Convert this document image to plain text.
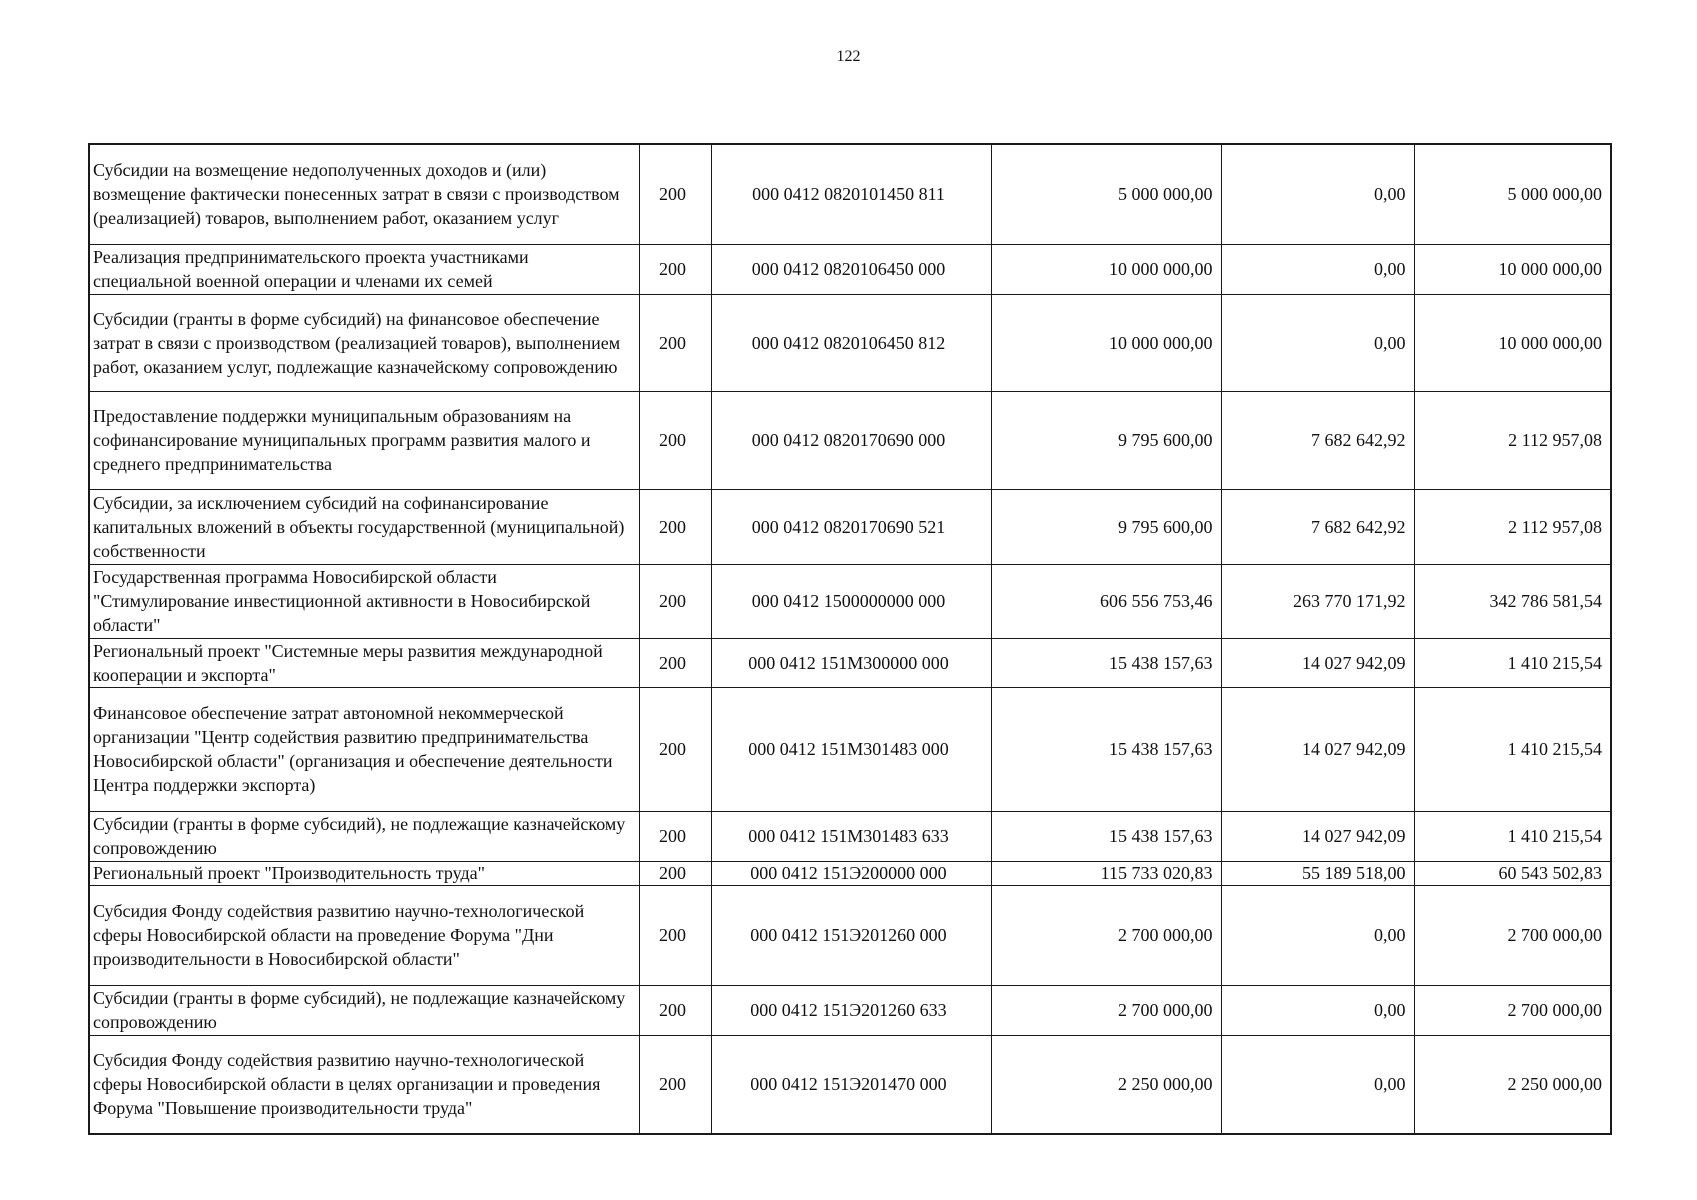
122
Субсидии на возмещение недополученных доходов и (или) возмещение фактически понесенных затрат в связи с производством (реализацией) товаров, выполнением работ, оказанием услуг	200	000 0412 0820101450 811	5 000 000,00	0,00	5 000 000,00
Реализация предпринимательского проекта участниками специальной военной операции и членами их семей	200	000 0412 0820106450 000	10 000 000,00	0,00	10 000 000,00
Субсидии (гранты в форме субсидий) на финансовое обеспечение затрат в связи с производством (реализацией товаров), выполнением работ, оказанием услуг, подлежащие казначейскому сопровождению	200	000 0412 0820106450 812	10 000 000,00	0,00	10 000 000,00
Предоставление поддержки муниципальным образованиям на софинансирование муниципальных программ развития малого и среднего предпринимательства	200	000 0412 0820170690 000	9 795 600,00	7 682 642,92	2 112 957,08
Субсидии, за исключением субсидий на софинансирование капитальных вложений в объекты государственной (муниципальной) собственности	200	000 0412 0820170690 521	9 795 600,00	7 682 642,92	2 112 957,08
Государственная программа Новосибирской области "Стимулирование инвестиционной активности в Новосибирской области"	200	000 0412 1500000000 000	606 556 753,46	263 770 171,92	342 786 581,54
Региональный проект "Системные меры развития международной кооперации и экспорта"	200	000 0412 151M300000 000	15 438 157,63	14 027 942,09	1 410 215,54
Финансовое обеспечение затрат автономной некоммерческой организации "Центр содействия развитию предпринимательства Новосибирской области" (организация и обеспечение деятельности Центра поддержки экспорта)	200	000 0412 151M301483 000	15 438 157,63	14 027 942,09	1 410 215,54
Субсидии (гранты в форме субсидий), не подлежащие казначейскому сопровождению	200	000 0412 151M301483 633	15 438 157,63	14 027 942,09	1 410 215,54
Региональный проект "Производительность труда"	200	000 0412 151Э200000 000	115 733 020,83	55 189 518,00	60 543 502,83
Субсидия Фонду содействия развитию научно-технологической сферы Новосибирской области на проведение Форума "Дни производительности в Новосибирской области"	200	000 0412 151Э201260 000	2 700 000,00	0,00	2 700 000,00
Субсидии (гранты в форме субсидий), не подлежащие казначейскому сопровождению	200	000 0412 151Э201260 633	2 700 000,00	0,00	2 700 000,00
Субсидия Фонду содействия развитию научно-технологической сферы Новосибирской области в целях организации и проведения Форума "Повышение производительности труда"	200	000 0412 151Э201470 000	2 250 000,00	0,00	2 250 000,00
